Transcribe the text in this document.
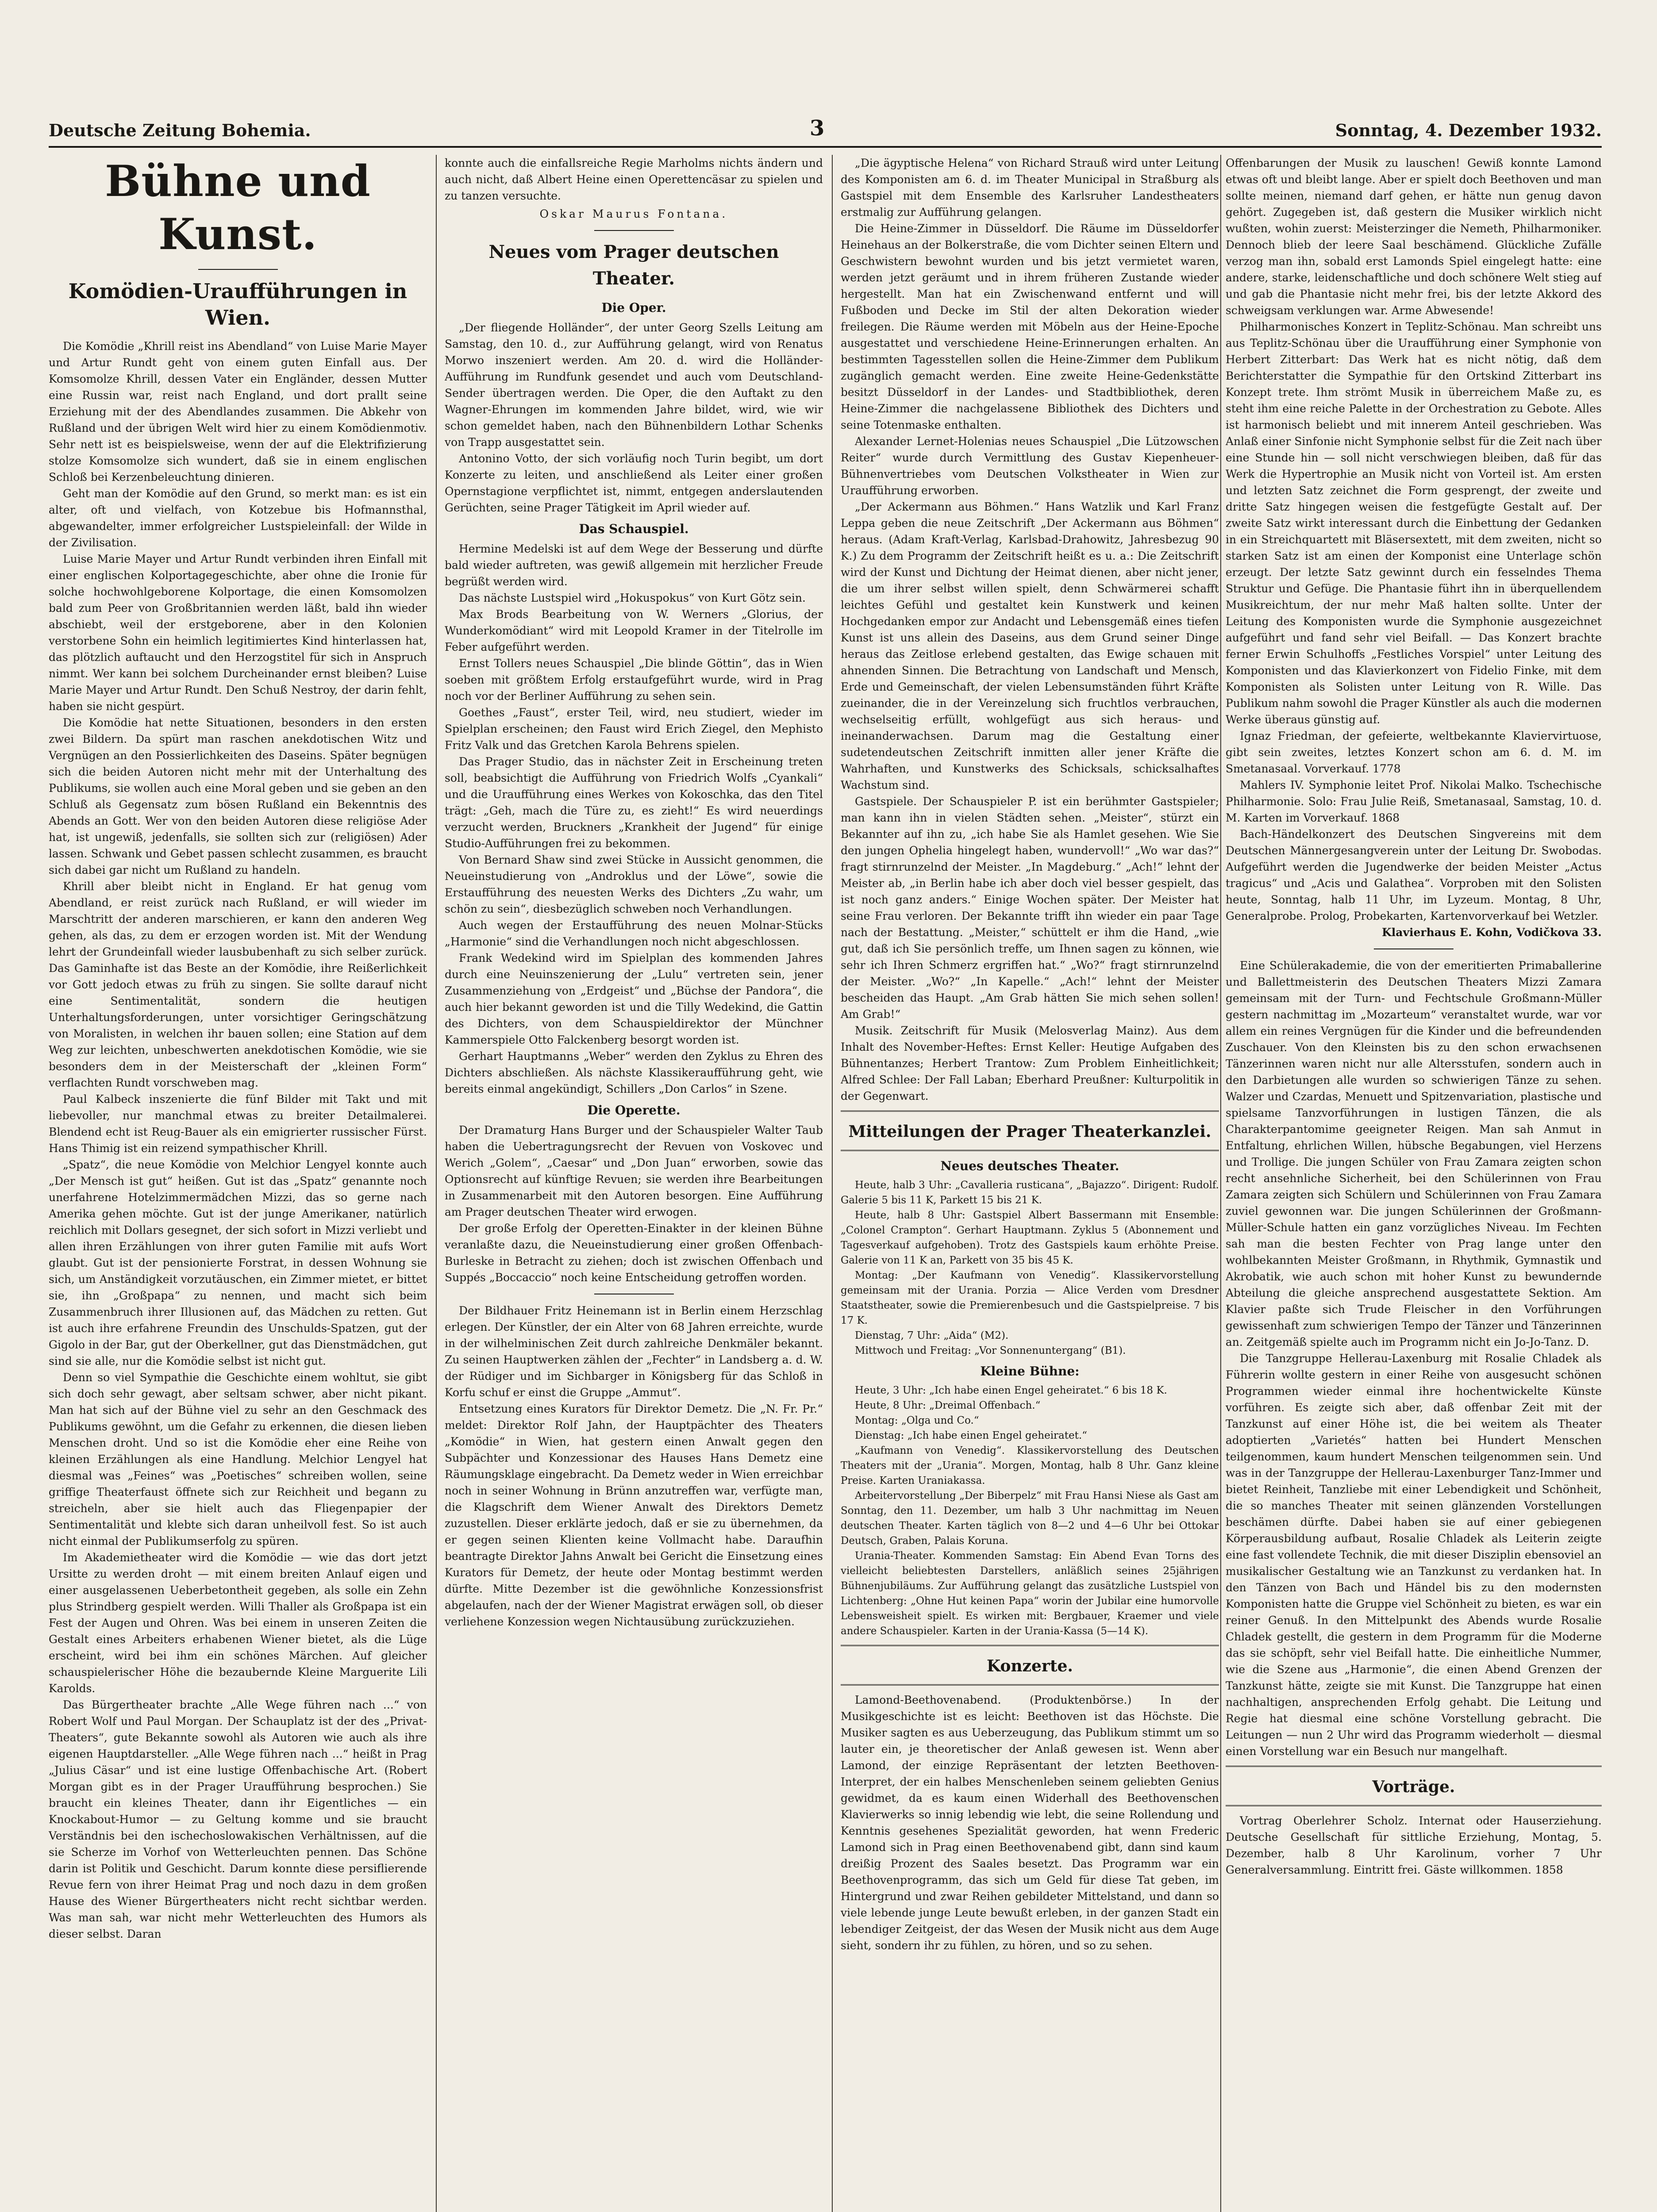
Deutsche Zeitung Bohemia.	3	Sonntag, 4. Dezember 1932.
Bühne und Kunst.
Komödien-Uraufführungen in Wien.

Die Komödie „Khrill reist ins Abendland“ von Luise Marie Mayer und Artur Rundt geht von einem guten Einfall aus. Der Komsomolze Khrill, dessen Vater ein Engländer, dessen Mutter eine Russin war, reist nach England, und dort prallt seine Erziehung mit der des Abendlandes zusammen. Die Abkehr von Rußland und der übrigen Welt wird hier zu einem Komödienmotiv. Sehr nett ist es beispielsweise, wenn der auf die Elektrifizierung stolze Komsomolze sich wundert, daß sie in einem englischen Schloß bei Kerzenbeleuchtung dinieren.

Geht man der Komödie auf den Grund, so merkt man: es ist ein alter, oft und vielfach, von Kotzebue bis Hofmannsthal, abgewandelter, immer erfolgreicher Lustspieleinfall: der Wilde in der Zivilisation.

Luise Marie Mayer und Artur Rundt verbinden ihren Einfall mit einer englischen Kolportagegeschichte, aber ohne die Ironie für solche hochwohlgeborene Kolportage, die einen Komsomolzen bald zum Peer von Großbritannien werden läßt, bald ihn wieder abschiebt, weil der erstgeborene, aber in den Kolonien verstorbene Sohn ein heimlich legitimiertes Kind hinterlassen hat, das plötzlich auftaucht und den Herzogstitel für sich in Anspruch nimmt. Wer kann bei solchem Durcheinander ernst bleiben? Luise Marie Mayer und Artur Rundt. Den Schuß Nestroy, der darin fehlt, haben sie nicht gespürt.

Die Komödie hat nette Situationen, besonders in den ersten zwei Bildern. Da spürt man raschen anekdotischen Witz und Vergnügen an den Possierlichkeiten des Daseins. Später begnügen sich die beiden Autoren nicht mehr mit der Unterhaltung des Publikums, sie wollen auch eine Moral geben und sie geben an den Schluß als Gegensatz zum bösen Rußland ein Bekenntnis des Abends an Gott. Wer von den beiden Autoren diese religiöse Ader hat, ist ungewiß, jedenfalls, sie sollten sich zur (religiösen) Ader lassen. Schwank und Gebet passen schlecht zusammen, es braucht sich dabei gar nicht um Rußland zu handeln.

Khrill aber bleibt nicht in England. Er hat genug vom Abendland, er reist zurück nach Rußland, er will wieder im Marschtritt der anderen marschieren, er kann den anderen Weg gehen, als das, zu dem er erzogen worden ist. Mit der Wendung lehrt der Grundeinfall wieder lausbubenhaft zu sich selber zurück. Das Gaminhafte ist das Beste an der Komödie, ihre Reißerlichkeit vor Gott jedoch etwas zu früh zu singen. Sie sollte darauf nicht eine Sentimentalität, sondern die heutigen Unterhaltungsforderungen, unter vorsichtiger Geringschätzung von Moralisten, in welchen ihr bauen sollen; eine Station auf dem Weg zur leichten, unbeschwerten anekdotischen Komödie, wie sie besonders dem in der Meisterschaft der „kleinen Form“ verflachten Rundt vorschweben mag.

Paul Kalbeck inszenierte die fünf Bilder mit Takt und mit liebevoller, nur manchmal etwas zu breiter Detailmalerei. Blendend echt ist Reug-Bauer als ein emigrierter russischer Fürst. Hans Thimig ist ein reizend sympathischer Khrill.

„Spatz“, die neue Komödie von Melchior Lengyel konnte auch „Der Mensch ist gut“ heißen. Gut ist das „Spatz“ genannte noch unerfahrene Hotelzimmermädchen Mizzi, das so gerne nach Amerika gehen möchte. Gut ist der junge Amerikaner, natürlich reichlich mit Dollars gesegnet, der sich sofort in Mizzi verliebt und allen ihren Erzählungen von ihrer guten Familie mit aufs Wort glaubt. Gut ist der pensionierte Forstrat, in dessen Wohnung sie sich, um Anständigkeit vorzutäuschen, ein Zimmer mietet, er bittet sie, ihn „Großpapa“ zu nennen, und macht sich beim Zusammenbruch ihrer Illusionen auf, das Mädchen zu retten. Gut ist auch ihre erfahrene Freundin des Unschulds-Spatzen, gut der Gigolo in der Bar, gut der Oberkellner, gut das Dienstmädchen, gut sind sie alle, nur die Komödie selbst ist nicht gut.

Denn so viel Sympathie die Geschichte einem wohltut, sie gibt sich doch sehr gewagt, aber seltsam schwer, aber nicht pikant. Man hat sich auf der Bühne viel zu sehr an den Geschmack des Publikums gewöhnt, um die Gefahr zu erkennen, die diesen lieben Menschen droht. Und so ist die Komödie eher eine Reihe von kleinen Erzählungen als eine Handlung. Melchior Lengyel hat diesmal was „Feines“ was „Poetisches“ schreiben wollen, seine griffige Theaterfaust öffnete sich zur Reichheit und begann zu streicheln, aber sie hielt auch das Fliegenpapier der Sentimentalität und klebte sich daran unheilvoll fest. So ist auch nicht einmal der Publikumserfolg zu spüren.

Im Akademietheater wird die Komödie — wie das dort jetzt Ursitte zu werden droht — mit einem breiten Anlauf eigen und einer ausgelassenen Ueberbetontheit gegeben, als solle ein Zehn plus Strindberg gespielt werden. Willi Thaller als Großpapa ist ein Fest der Augen und Ohren. Was bei einem in unseren Zeiten die Gestalt eines Arbeiters erhabenen Wiener bietet, als die Lüge erscheint, wird bei ihm ein schönes Märchen. Auf gleicher schauspielerischer Höhe die bezaubernde Kleine Marguerite Lili Karolds.

Das Bürgertheater brachte „Alle Wege führen nach ...“ von Robert Wolf und Paul Morgan. Der Schauplatz ist der des „Privat-Theaters“, gute Bekannte sowohl als Autoren wie auch als ihre eigenen Hauptdarsteller. „Alle Wege führen nach ...“ heißt in Prag „Julius Cäsar“ und ist eine lustige Offenbachische Art. (Robert Morgan gibt es in der Prager Uraufführung besprochen.) Sie braucht ein kleines Theater, dann ihr Eigentliches — ein Knockabout-Humor — zu Geltung komme und sie braucht Verständnis bei den ischechoslowakischen Verhältnissen, auf die sie Scherze im Vorhof von Wetterleuchten pennen. Das Schöne darin ist Politik und Geschicht. Darum konnte diese persiflierende Revue fern von ihrer Heimat Prag und noch dazu in dem großen Hause des Wiener Bürgertheaters nicht recht sichtbar werden. Was man sah, war nicht mehr Wetterleuchten des Humors als dieser selbst. Daran

konnte auch die einfallsreiche Regie Marholms nichts ändern und auch nicht, daß Albert Heine einen Operettencäsar zu spielen und zu tanzen versuchte.

Oskar Maurus Fontana.
Neues vom Prager deutschen Theater.
Die Oper.

„Der fliegende Holländer“, der unter Georg Szells Leitung am Samstag, den 10. d., zur Aufführung gelangt, wird von Renatus Morwo inszeniert werden. Am 20. d. wird die Holländer-Aufführung im Rundfunk gesendet und auch vom Deutschland-Sender übertragen werden. Die Oper, die den Auftakt zu den Wagner-Ehrungen im kommenden Jahre bildet, wird, wie wir schon gemeldet haben, nach den Bühnenbildern Lothar Schenks von Trapp ausgestattet sein.

Antonino Votto, der sich vorläufig noch Turin begibt, um dort Konzerte zu leiten, und anschließend als Leiter einer großen Opernstagione verpflichtet ist, nimmt, entgegen anderslautenden Gerüchten, seine Prager Tätigkeit im April wieder auf.

Das Schauspiel.

Hermine Medelski ist auf dem Wege der Besserung und dürfte bald wieder auftreten, was gewiß allgemein mit herzlicher Freude begrüßt werden wird.

Das nächste Lustspiel wird „Hokuspokus“ von Kurt Götz sein.

Max Brods Bearbeitung von W. Werners „Glorius, der Wunderkomödiant“ wird mit Leopold Kramer in der Titelrolle im Feber aufgeführt werden.

Ernst Tollers neues Schauspiel „Die blinde Göttin“, das in Wien soeben mit größtem Erfolg erstaufgeführt wurde, wird in Prag noch vor der Berliner Aufführung zu sehen sein.

Goethes „Faust“, erster Teil, wird, neu studiert, wieder im Spielplan erscheinen; den Faust wird Erich Ziegel, den Mephisto Fritz Valk und das Gretchen Karola Behrens spielen.

Das Prager Studio, das in nächster Zeit in Erscheinung treten soll, beabsichtigt die Aufführung von Friedrich Wolfs „Cyankali“ und die Uraufführung eines Werkes von Kokoschka, das den Titel trägt: „Geh, mach die Türe zu, es zieht!“ Es wird neuerdings verzucht werden, Bruckners „Krankheit der Jugend“ für einige Studio-Aufführungen frei zu bekommen.

Von Bernard Shaw sind zwei Stücke in Aussicht genommen, die Neueinstudierung von „Androklus und der Löwe“, sowie die Erstaufführung des neuesten Werks des Dichters „Zu wahr, um schön zu sein“, diesbezüglich schweben noch Verhandlungen.

Auch wegen der Erstaufführung des neuen Molnar-Stücks „Harmonie“ sind die Verhandlungen noch nicht abgeschlossen.

Frank Wedekind wird im Spielplan des kommenden Jahres durch eine Neuinszenierung der „Lulu“ vertreten sein, jener Zusammenziehung von „Erdgeist“ und „Büchse der Pandora“, die auch hier bekannt geworden ist und die Tilly Wedekind, die Gattin des Dichters, von dem Schauspieldirektor der Münchner Kammerspiele Otto Falckenberg besorgt worden ist.

Gerhart Hauptmanns „Weber“ werden den Zyklus zu Ehren des Dichters abschließen. Als nächste Klassikeraufführung geht, wie bereits einmal angekündigt, Schillers „Don Carlos“ in Szene.

Die Operette.

Der Dramaturg Hans Burger und der Schauspieler Walter Taub haben die Uebertragungsrecht der Revuen von Voskovec und Werich „Golem“, „Caesar“ und „Don Juan“ erworben, sowie das Optionsrecht auf künftige Revuen; sie werden ihre Bearbeitungen in Zusammenarbeit mit den Autoren besorgen. Eine Aufführung am Prager deutschen Theater wird erwogen.

Der große Erfolg der Operetten-Einakter in der kleinen Bühne veranlaßte dazu, die Neueinstudierung einer großen Offenbach-Burleske in Betracht zu ziehen; doch ist zwischen Offenbach und Suppés „Boccaccio“ noch keine Entscheidung getroffen worden.

Der Bildhauer Fritz Heinemann ist in Berlin einem Herzschlag erlegen. Der Künstler, der ein Alter von 68 Jahren erreichte, wurde in der wilhelminischen Zeit durch zahlreiche Denkmäler bekannt. Zu seinen Hauptwerken zählen der „Fechter“ in Landsberg a. d. W. der Rüdiger und im Sichbarger in Königsberg für das Schloß in Korfu schuf er einst die Gruppe „Ammut“.

Entsetzung eines Kurators für Direktor Demetz. Die „N. Fr. Pr.“ meldet: Direktor Rolf Jahn, der Hauptpächter des Theaters „Komödie“ in Wien, hat gestern einen Anwalt gegen den Subpächter und Konzessionar des Hauses Hans Demetz eine Räumungsklage eingebracht. Da Demetz weder in Wien erreichbar noch in seiner Wohnung in Brünn anzutreffen war, verfügte man, die Klagschrift dem Wiener Anwalt des Direktors Demetz zuzustellen. Dieser erklärte jedoch, daß er sie zu übernehmen, da er gegen seinen Klienten keine Vollmacht habe. Daraufhin beantragte Direktor Jahns Anwalt bei Gericht die Einsetzung eines Kurators für Demetz, der heute oder Montag bestimmt werden dürfte. Mitte Dezember ist die gewöhnliche Konzessionsfrist abgelaufen, nach der der Wiener Magistrat erwägen soll, ob dieser verliehene Konzession wegen Nichtausübung zurückzuziehen.

„Die ägyptische Helena“ von Richard Strauß wird unter Leitung des Komponisten am 6. d. im Theater Municipal in Straßburg als Gastspiel mit dem Ensemble des Karlsruher Landestheaters erstmalig zur Aufführung gelangen.

Die Heine-Zimmer in Düsseldorf. Die Räume im Düsseldorfer Heinehaus an der Bolkerstraße, die vom Dichter seinen Eltern und Geschwistern bewohnt wurden und bis jetzt vermietet waren, werden jetzt geräumt und in ihrem früheren Zustande wieder hergestellt. Man hat ein Zwischenwand entfernt und will Fußboden und Decke im Stil der alten Dekoration wieder freilegen. Die Räume werden mit Möbeln aus der Heine-Epoche ausgestattet und verschiedene Heine-Erinnerungen erhalten. An bestimmten Tagesstellen sollen die Heine-Zimmer dem Publikum zugänglich gemacht werden. Eine zweite Heine-Gedenkstätte besitzt Düsseldorf in der Landes- und Stadtbibliothek, deren Heine-Zimmer die nachgelassene Bibliothek des Dichters und seine Totenmaske enthalten.

Alexander Lernet-Holenias neues Schauspiel „Die Lützowschen Reiter“ wurde durch Vermittlung des Gustav Kiepenheuer-Bühnenvertriebes vom Deutschen Volkstheater in Wien zur Uraufführung erworben.

„Der Ackermann aus Böhmen.“ Hans Watzlik und Karl Franz Leppa geben die neue Zeitschrift „Der Ackermann aus Böhmen“ heraus. (Adam Kraft-Verlag, Karlsbad-Drahowitz, Jahresbezug 90 K.) Zu dem Programm der Zeitschrift heißt es u. a.: Die Zeitschrift wird der Kunst und Dichtung der Heimat dienen, aber nicht jener, die um ihrer selbst willen spielt, denn Schwärmerei schafft leichtes Gefühl und gestaltet kein Kunstwerk und keinen Hochgedanken empor zur Andacht und Lebensgemäß eines tiefen Kunst ist uns allein des Daseins, aus dem Grund seiner Dinge heraus das Zeitlose erlebend gestalten, das Ewige schauen mit ahnenden Sinnen. Die Betrachtung von Landschaft und Mensch, Erde und Gemeinschaft, der vielen Lebensumständen führt Kräfte zueinander, die in der Vereinzelung sich fruchtlos verbrauchen, wechselseitig erfüllt, wohlgefügt aus sich heraus- und ineinanderwachsen. Darum mag die Gestaltung einer sudetendeutschen Zeitschrift inmitten aller jener Kräfte die Wahrhaften, und Kunstwerks des Schicksals, schicksalhaftes Wachstum sind.

Gastspiele. Der Schauspieler P. ist ein berühmter Gastspieler; man kann ihn in vielen Städten sehen. „Meister“, stürzt ein Bekannter auf ihn zu, „ich habe Sie als Hamlet gesehen. Wie Sie den jungen Ophelia hingelegt haben, wundervoll!“ „Wo war das?“ fragt stirnrunzelnd der Meister. „In Magdeburg.“ „Ach!“ lehnt der Meister ab, „in Berlin habe ich aber doch viel besser gespielt, das ist noch ganz anders.“ Einige Wochen später. Der Meister hat seine Frau verloren. Der Bekannte trifft ihn wieder ein paar Tage nach der Bestattung. „Meister,“ schüttelt er ihm die Hand, „wie gut, daß ich Sie persönlich treffe, um Ihnen sagen zu können, wie sehr ich Ihren Schmerz ergriffen hat.“ „Wo?“ fragt stirnrunzelnd der Meister. „Wo?“ „In Kapelle.“ „Ach!“ lehnt der Meister bescheiden das Haupt. „Am Grab hätten Sie mich sehen sollen! Am Grab!“

Musik. Zeitschrift für Musik (Melosverlag Mainz). Aus dem Inhalt des November-Heftes: Ernst Keller: Heutige Aufgaben des Bühnentanzes; Herbert Trantow: Zum Problem Einheitlichkeit; Alfred Schlee: Der Fall Laban; Eberhard Preußner: Kulturpolitik in der Gegenwart.

Mitteilungen der Prager Theaterkanzlei.
Neues deutsches Theater.

Heute, halb 3 Uhr: „Cavalleria rusticana“, „Bajazzo“. Dirigent: Rudolf. Galerie 5 bis 11 K, Parkett 15 bis 21 K.

Heute, halb 8 Uhr: Gastspiel Albert Bassermann mit Ensemble: „Colonel Crampton“. Gerhart Hauptmann. Zyklus 5 (Abonnement und Tagesverkauf aufgehoben). Trotz des Gastspiels kaum erhöhte Preise. Galerie von 11 K an, Parkett von 35 bis 45 K.

Montag: „Der Kaufmann von Venedig“. Klassikervorstellung gemeinsam mit der Urania. Porzia — Alice Verden vom Dresdner Staatstheater, sowie die Premierenbesuch und die Gastspielpreise. 7 bis 17 K.

Dienstag, 7 Uhr: „Aida“ (M2).

Mittwoch und Freitag: „Vor Sonnenuntergang“ (B1).

Kleine Bühne:

Heute, 3 Uhr: „Ich habe einen Engel geheiratet.“ 6 bis 18 K.

Heute, 8 Uhr: „Dreimal Offenbach.“

Montag: „Olga und Co.“

Dienstag: „Ich habe einen Engel geheiratet.“

„Kaufmann von Venedig“. Klassikervorstellung des Deutschen Theaters mit der „Urania“. Morgen, Montag, halb 8 Uhr. Ganz kleine Preise. Karten Uraniakassa.

Arbeitervorstellung „Der Biberpelz“ mit Frau Hansi Niese als Gast am Sonntag, den 11. Dezember, um halb 3 Uhr nachmittag im Neuen deutschen Theater. Karten täglich von 8—2 und 4—6 Uhr bei Ottokar Deutsch, Graben, Palais Koruna.

Urania-Theater. Kommenden Samstag: Ein Abend Evan Torns des vielleicht beliebtesten Darstellers, anläßlich seines 25jährigen Bühnenjubiläums. Zur Aufführung gelangt das zusätzliche Lustspiel von Lichtenberg: „Ohne Hut keinen Papa“ worin der Jubilar eine humorvolle Lebensweisheit spielt. Es wirken mit: Bergbauer, Kraemer und viele andere Schauspieler. Karten in der Urania-Kassa (5—14 K).

Konzerte.

Lamond-Beethovenabend. (Produktenbörse.) In der Musikgeschichte ist es leicht: Beethoven ist das Höchste. Die Musiker sagten es aus Ueberzeugung, das Publikum stimmt um so lauter ein, je theoretischer der Anlaß gewesen ist. Wenn aber Lamond, der einzige Repräsentant der letzten Beethoven-Interpret, der ein halbes Menschenleben seinem geliebten Genius gewidmet, da es kaum einen Widerhall des Beethovenschen Klavierwerks so innig lebendig wie lebt, die seine Rollendung und Kenntnis gesehenes Spezialität geworden, hat wenn Frederic Lamond sich in Prag einen Beethovenabend gibt, dann sind kaum dreißig Prozent des Saales besetzt. Das Programm war ein Beethovenprogramm, das sich um Geld für diese Tat geben, im Hintergrund und zwar Reihen gebildeter Mittelstand, und dann so viele lebende junge Leute bewußt erleben, in der ganzen Stadt ein lebendiger Zeitgeist, der das Wesen der Musik nicht aus dem Auge sieht, sondern ihr zu fühlen, zu hören, und so zu sehen.

Offenbarungen der Musik zu lauschen! Gewiß konnte Lamond etwas oft und bleibt lange. Aber er spielt doch Beethoven und man sollte meinen, niemand darf gehen, er hätte nun genug davon gehört. Zugegeben ist, daß gestern die Musiker wirklich nicht wußten, wohin zuerst: Meisterzinger die Nemeth, Philharmoniker. Dennoch blieb der leere Saal beschämend. Glückliche Zufälle verzog man ihn, sobald erst Lamonds Spiel eingelegt hatte: eine andere, starke, leidenschaftliche und doch schönere Welt stieg auf und gab die Phantasie nicht mehr frei, bis der letzte Akkord des schweigsam verklungen war. Arme Abwesende!

Philharmonisches Konzert in Teplitz-Schönau. Man schreibt uns aus Teplitz-Schönau über die Uraufführung einer Symphonie von Herbert Zitterbart: Das Werk hat es nicht nötig, daß dem Berichterstatter die Sympathie für den Ortskind Zitterbart ins Konzept trete. Ihm strömt Musik in überreichem Maße zu, es steht ihm eine reiche Palette in der Orchestration zu Gebote. Alles ist harmonisch beliebt und mit innerem Anteil geschrieben. Was Anlaß einer Sinfonie nicht Symphonie selbst für die Zeit nach über eine Stunde hin — soll nicht verschwiegen bleiben, daß für das Werk die Hypertrophie an Musik nicht von Vorteil ist. Am ersten und letzten Satz zeichnet die Form gesprengt, der zweite und dritte Satz hingegen weisen die festgefügte Gestalt auf. Der zweite Satz wirkt interessant durch die Einbettung der Gedanken in ein Streichquartett mit Bläsersextett, mit dem zweiten, nicht so starken Satz ist am einen der Komponist eine Unterlage schön erzeugt. Der letzte Satz gewinnt durch ein fesselndes Thema Struktur und Gefüge. Die Phantasie führt ihn in überquellendem Musikreichtum, der nur mehr Maß halten sollte. Unter der Leitung des Komponisten wurde die Symphonie ausgezeichnet aufgeführt und fand sehr viel Beifall. — Das Konzert brachte ferner Erwin Schulhoffs „Festliches Vorspiel“ unter Leitung des Komponisten und das Klavierkonzert von Fidelio Finke, mit dem Komponisten als Solisten unter Leitung von R. Wille. Das Publikum nahm sowohl die Prager Künstler als auch die modernen Werke überaus günstig auf.

Ignaz Friedman, der gefeierte, weltbekannte Klaviervirtuose, gibt sein zweites, letztes Konzert schon am 6. d. M. im Smetanasaal. Vorverkauf. 1778

Mahlers IV. Symphonie leitet Prof. Nikolai Malko. Tschechische Philharmonie. Solo: Frau Julie Reiß, Smetanasaal, Samstag, 10. d. M. Karten im Vorverkauf. 1868

Bach-Händelkonzert des Deutschen Singvereins mit dem Deutschen Männergesangverein unter der Leitung Dr. Swobodas. Aufgeführt werden die Jugendwerke der beiden Meister „Actus tragicus“ und „Acis und Galathea“. Vorproben mit den Solisten heute, Sonntag, halb 11 Uhr, im Lyzeum. Montag, 8 Uhr, Generalprobe. Prolog, Probekarten, Kartenvorverkauf bei Wetzler.

Klavierhaus E. Kohn, Vodičkova 33.

Eine Schülerakademie, die von der emeritierten Primaballerine und Ballettmeisterin des Deutschen Theaters Mizzi Zamara gemeinsam mit der Turn- und Fechtschule Großmann-Müller gestern nachmittag im „Mozarteum“ veranstaltet wurde, war vor allem ein reines Vergnügen für die Kinder und die befreundenden Zuschauer. Von den Kleinsten bis zu den schon erwachsenen Tänzerinnen waren nicht nur alle Altersstufen, sondern auch in den Darbietungen alle wurden so schwierigen Tänze zu sehen. Walzer und Czardas, Menuett und Spitzenvariation, plastische und spielsame Tanzvorführungen in lustigen Tänzen, die als Charakterpantomime geeigneter Reigen. Man sah Anmut in Entfaltung, ehrlichen Willen, hübsche Begabungen, viel Herzens und Trollige. Die jungen Schüler von Frau Zamara zeigten schon recht ansehnliche Sicherheit, bei den Schülerinnen von Frau Zamara zeigten sich Schülern und Schülerinnen von Frau Zamara zuviel gewonnen war. Die jungen Schülerinnen der Großmann-Müller-Schule hatten ein ganz vorzügliches Niveau. Im Fechten sah man die besten Fechter von Prag lange unter den wohlbekannten Meister Großmann, in Rhythmik, Gymnastik und Akrobatik, wie auch schon mit hoher Kunst zu bewundernde Abteilung die gleiche ansprechend ausgestattete Sektion. Am Klavier paßte sich Trude Fleischer in den Vorführungen gewissenhaft zum schwierigen Tempo der Tänzer und Tänzerinnen an. Zeitgemäß spielte auch im Programm nicht ein Jo-Jo-Tanz. D.

Die Tanzgruppe Hellerau-Laxenburg mit Rosalie Chladek als Führerin wollte gestern in einer Reihe von ausgesucht schönen Programmen wieder einmal ihre hochentwickelte Künste vorführen. Es zeigte sich aber, daß offenbar Zeit mit der Tanzkunst auf einer Höhe ist, die bei weitem als Theater adoptierten „Varietés“ hatten bei Hundert Menschen teilgenommen, kaum hundert Menschen teilgenommen sein. Und was in der Tanzgruppe der Hellerau-Laxenburger Tanz-Immer und bietet Reinheit, Tanzliebe mit einer Lebendigkeit und Schönheit, die so manches Theater mit seinen glänzenden Vorstellungen beschämen dürfte. Dabei haben sie auf einer gebiegenen Körperausbildung aufbaut, Rosalie Chladek als Leiterin zeigte eine fast vollendete Technik, die mit dieser Disziplin ebensoviel an musikalischer Gestaltung wie an Tanzkunst zu verdanken hat. In den Tänzen von Bach und Händel bis zu den modernsten Komponisten hatte die Gruppe viel Schönheit zu bieten, es war ein reiner Genuß. In den Mittelpunkt des Abends wurde Rosalie Chladek gestellt, die gestern in dem Programm für die Moderne das sie schöpft, sehr viel Beifall hatte. Die einheitliche Nummer, wie die Szene aus „Harmonie“, die einen Abend Grenzen der Tanzkunst hätte, zeigte sie mit Kunst. Die Tanzgruppe hat einen nachhaltigen, ansprechenden Erfolg gehabt. Die Leitung und Regie hat diesmal eine schöne Vorstellung gebracht. Die Leitungen — nun 2 Uhr wird das Programm wiederholt — diesmal einen Vorstellung war ein Besuch nur mangelhaft.

Vorträge.

Vortrag Oberlehrer Scholz. Internat oder Hauserziehung. Deutsche Gesellschaft für sittliche Erziehung, Montag, 5. Dezember, halb 8 Uhr Karolinum, vorher 7 Uhr Generalversammlung. Eintritt frei. Gäste willkommen. 1858
